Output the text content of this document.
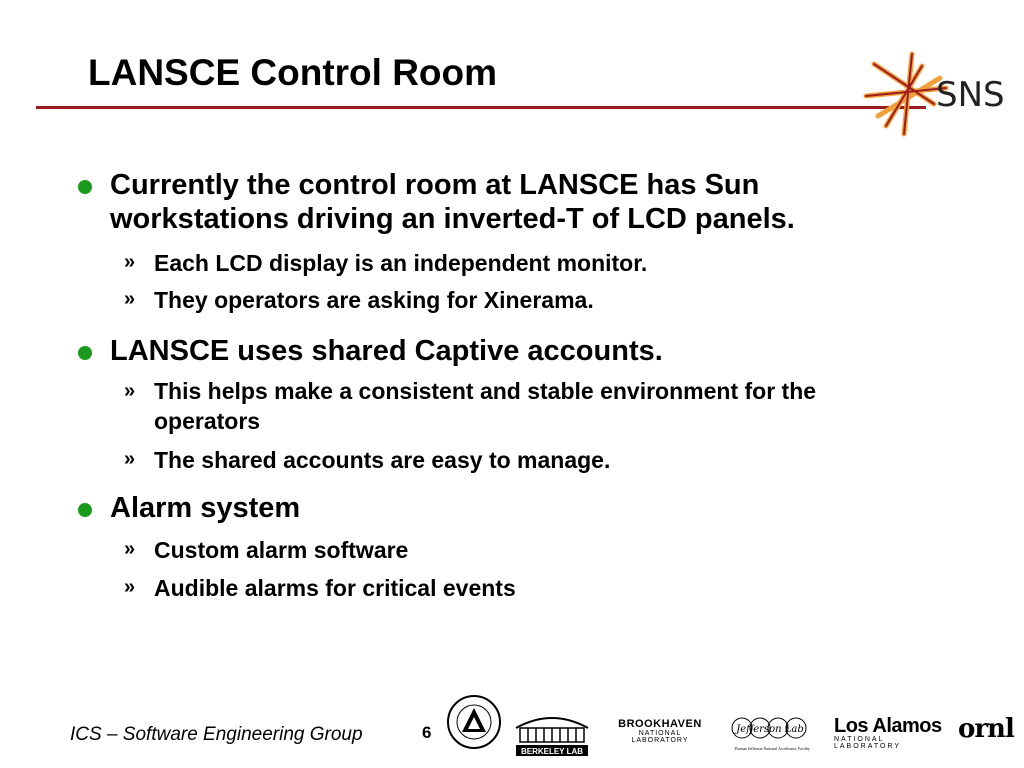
LANSCE Control Room
SNS

Currently the control room at LANSCE has Sun workstations driving an inverted-T of LCD panels.

» Each LCD display is an independent monitor.

» They operators are asking for Xinerama.

LANSCE uses shared Captive accounts.

» This helps make a consistent and stable environment for the operators

» The shared accounts are easy to manage.

Alarm system

» Custom alarm software

» Audible alarms for critical events

ICS – Software Engineering Group	6
BERKELEY LAB
BROOKHAVEN
NATIONAL LABORATORY
Jefferson Lab
Thomas Jefferson National Accelerator Facility
Los Alamos
NATIONAL LABORATORY
ornl
